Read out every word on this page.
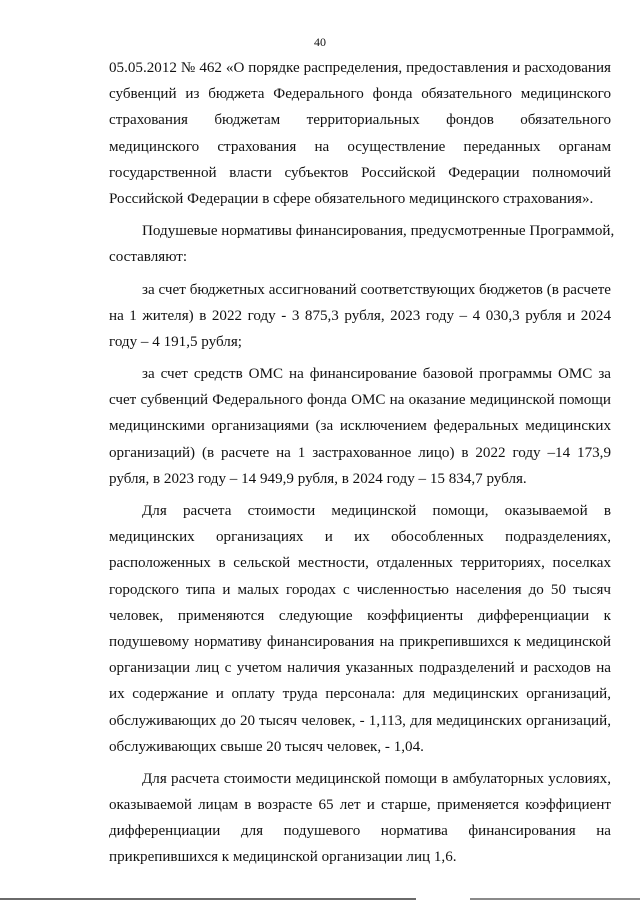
40
05.05.2012 № 462 «О порядке распределения, предоставления и расходования
субвенций из бюджета Федерального фонда обязательного медицинского
страхования бюджетам территориальных фондов обязательного
медицинского страхования на осуществление переданных органам
государственной власти субъектов Российской Федерации полномочий
Российской Федерации в сфере обязательного медицинского страхования».
Подушевые нормативы финансирования, предусмотренные Программой,
составляют:
за счет бюджетных ассигнований соответствующих бюджетов (в расчете
на 1 жителя) в 2022 году - 3 875,3 рубля, 2023 году – 4 030,3 рубля и 2024
году – 4 191,5 рубля;
за счет средств ОМС на финансирование базовой программы ОМС за
счет субвенций Федерального фонда ОМС на оказание медицинской помощи
медицинскими организациями (за исключением федеральных медицинских
организаций) (в расчете на 1 застрахованное лицо) в 2022 году –14 173,9
рубля, в 2023 году – 14 949,9 рубля, в 2024 году – 15 834,7 рубля.
Для расчета стоимости медицинской помощи, оказываемой в
медицинских организациях и их обособленных подразделениях,
расположенных в сельской местности, отдаленных территориях, поселках
городского типа и малых городах с численностью населения до 50 тысяч
человек, применяются следующие коэффициенты дифференциации к
подушевому нормативу финансирования на прикрепившихся к медицинской
организации лиц с учетом наличия указанных подразделений и расходов на
их содержание и оплату труда персонала: для медицинских организаций,
обслуживающих до 20 тысяч человек, - 1,113, для медицинских организаций,
обслуживающих свыше 20 тысяч человек, - 1,04.
Для расчета стоимости медицинской помощи в амбулаторных условиях,
оказываемой лицам в возрасте 65 лет и старше, применяется коэффициент
дифференциации для подушевого норматива финансирования на
прикрепившихся к медицинской организации лиц 1,6.
